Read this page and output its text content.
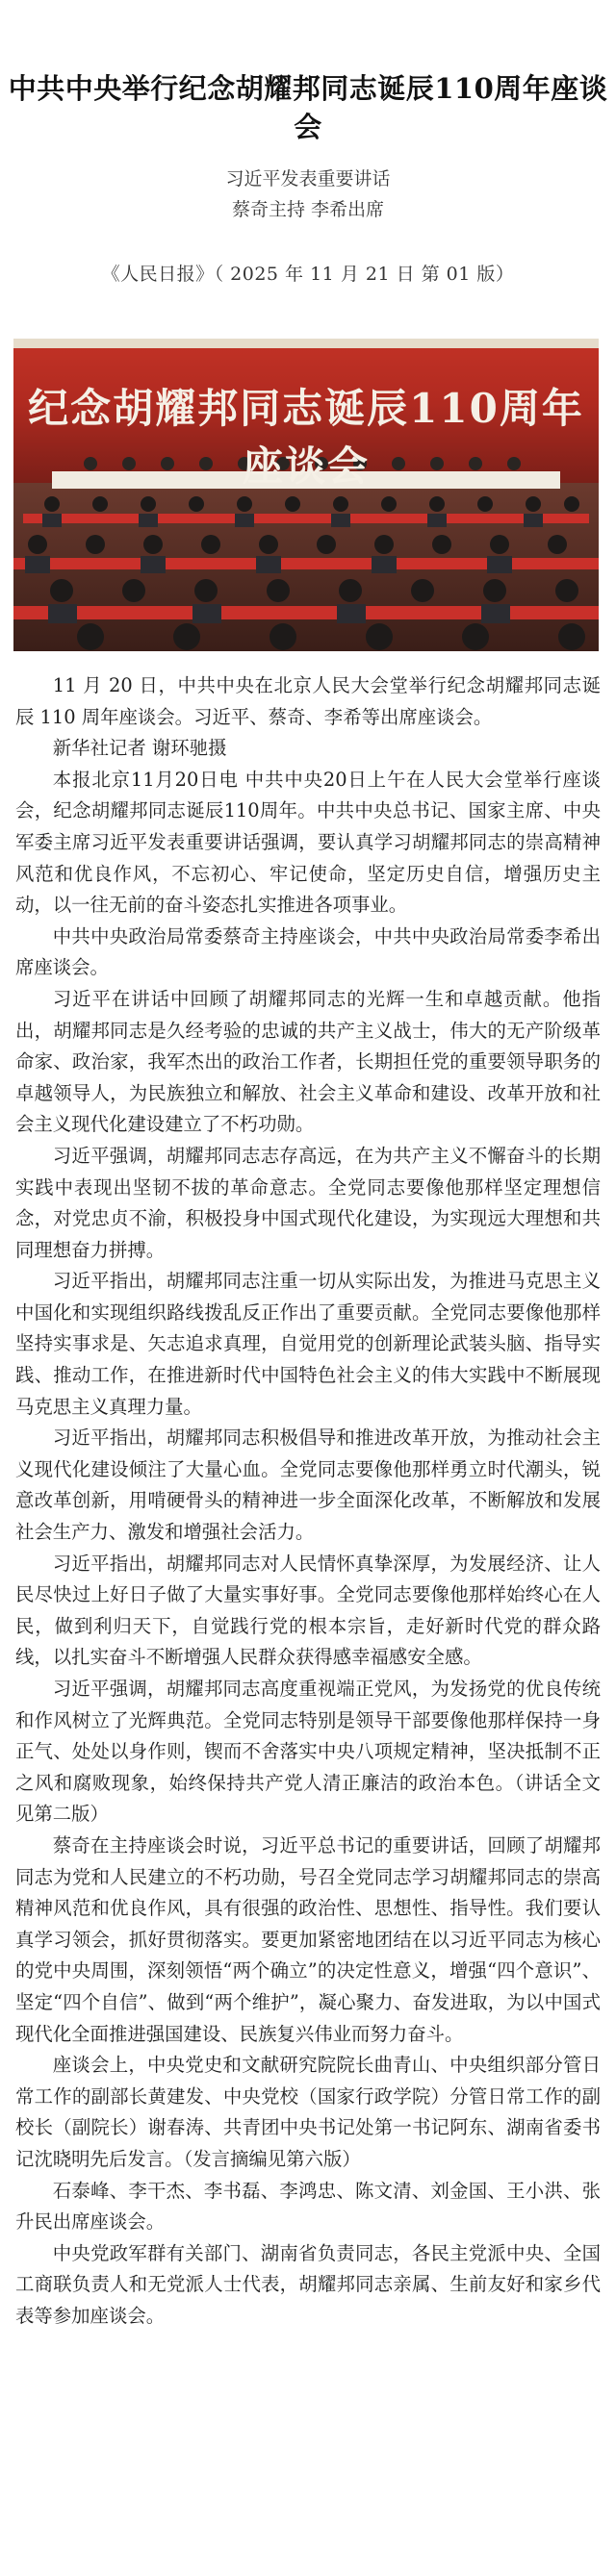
中共中央举行纪念胡耀邦同志诞辰110周年座谈会
习近平发表重要讲话
蔡奇主持 李希出席
《人民日报》（ 2025 年 11 月 21 日 第 01 版）
纪念胡耀邦同志诞辰110周年座谈会

11 月 20 日，中共中央在北京人民大会堂举行纪念胡耀邦同志诞辰 110 周年座谈会。习近平、蔡奇、李希等出席座谈会。

新华社记者 谢环驰摄

本报北京11月20日电 中共中央20日上午在人民大会堂举行座谈会，纪念胡耀邦同志诞辰110周年。中共中央总书记、国家主席、中央军委主席习近平发表重要讲话强调，要认真学习胡耀邦同志的崇高精神风范和优良作风，不忘初心、牢记使命，坚定历史自信，增强历史主动，以一往无前的奋斗姿态扎实推进各项事业。

中共中央政治局常委蔡奇主持座谈会，中共中央政治局常委李希出席座谈会。

习近平在讲话中回顾了胡耀邦同志的光辉一生和卓越贡献。他指出，胡耀邦同志是久经考验的忠诚的共产主义战士，伟大的无产阶级革命家、政治家，我军杰出的政治工作者，长期担任党的重要领导职务的卓越领导人，为民族独立和解放、社会主义革命和建设、改革开放和社会主义现代化建设建立了不朽功勋。

习近平强调，胡耀邦同志志存高远，在为共产主义不懈奋斗的长期实践中表现出坚韧不拔的革命意志。全党同志要像他那样坚定理想信念，对党忠贞不渝，积极投身中国式现代化建设，为实现远大理想和共同理想奋力拼搏。

习近平指出，胡耀邦同志注重一切从实际出发，为推进马克思主义中国化和实现组织路线拨乱反正作出了重要贡献。全党同志要像他那样坚持实事求是、矢志追求真理，自觉用党的创新理论武装头脑、指导实践、推动工作，在推进新时代中国特色社会主义的伟大实践中不断展现马克思主义真理力量。

习近平指出，胡耀邦同志积极倡导和推进改革开放，为推动社会主义现代化建设倾注了大量心血。全党同志要像他那样勇立时代潮头，锐意改革创新，用啃硬骨头的精神进一步全面深化改革，不断解放和发展社会生产力、激发和增强社会活力。

习近平指出，胡耀邦同志对人民情怀真挚深厚，为发展经济、让人民尽快过上好日子做了大量实事好事。全党同志要像他那样始终心在人民，做到利归天下，自觉践行党的根本宗旨，走好新时代党的群众路线，以扎实奋斗不断增强人民群众获得感幸福感安全感。

习近平强调，胡耀邦同志高度重视端正党风，为发扬党的优良传统和作风树立了光辉典范。全党同志特别是领导干部要像他那样保持一身正气、处处以身作则，锲而不舍落实中央八项规定精神，坚决抵制不正之风和腐败现象，始终保持共产党人清正廉洁的政治本色。（讲话全文见第二版）

蔡奇在主持座谈会时说，习近平总书记的重要讲话，回顾了胡耀邦同志为党和人民建立的不朽功勋，号召全党同志学习胡耀邦同志的崇高精神风范和优良作风，具有很强的政治性、思想性、指导性。我们要认真学习领会，抓好贯彻落实。要更加紧密地团结在以习近平同志为核心的党中央周围，深刻领悟“两个确立”的决定性意义，增强“四个意识”、坚定“四个自信”、做到“两个维护”，凝心聚力、奋发进取，为以中国式现代化全面推进强国建设、民族复兴伟业而努力奋斗。

座谈会上，中央党史和文献研究院院长曲青山、中央组织部分管日常工作的副部长黄建发、中央党校（国家行政学院）分管日常工作的副校长（副院长）谢春涛、共青团中央书记处第一书记阿东、湖南省委书记沈晓明先后发言。（发言摘编见第六版）

石泰峰、李干杰、李书磊、李鸿忠、陈文清、刘金国、王小洪、张升民出席座谈会。

中央党政军群有关部门、湖南省负责同志，各民主党派中央、全国工商联负责人和无党派人士代表，胡耀邦同志亲属、生前友好和家乡代表等参加座谈会。
